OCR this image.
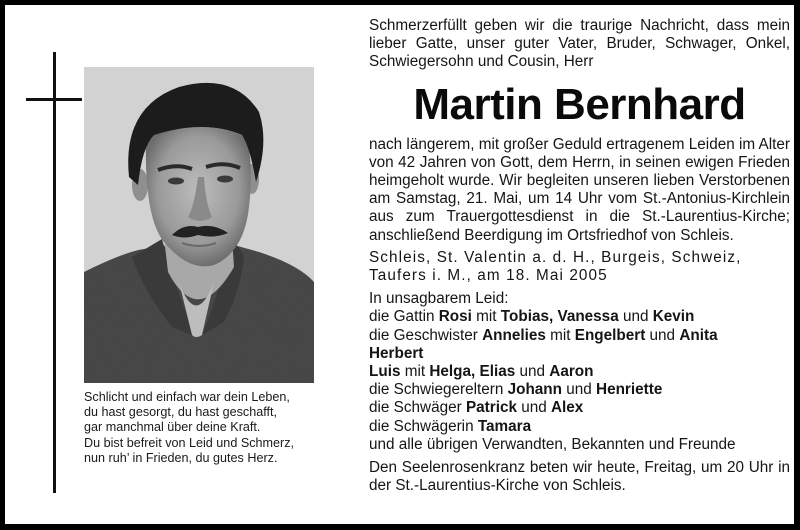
Schlicht und einfach war dein Leben,
du hast gesorgt, du hast geschafft,
gar manchmal über deine Kraft.
Du bist befreit von Leid und Schmerz,
nun ruh’ in Frieden, du gutes Herz.
Schmerzerfüllt geben wir die traurige Nachricht, dass mein lieber Gatte, unser guter Vater, Bruder, Schwager, Onkel, Schwiegersohn und Cousin, Herr
Martin Bernhard
nach längerem, mit großer Geduld ertragenem Leiden im Alter von 42 Jahren von Gott, dem Herrn, in seinen ewigen Frieden heimgeholt wurde. Wir begleiten unseren lieben Verstorbenen am Samstag, 21. Mai, um 14 Uhr vom St.-Antonius-Kirchlein aus zum Trauergottesdienst in die St.-Laurentius-Kirche; anschließend Beerdigung im Ortsfriedhof von Schleis.
Schleis, St. Valentin a. d. H., Burgeis, Schweiz, Taufers i. M., am 18. Mai 2005
In unsagbarem Leid:
die Gattin Rosi mit Tobias, Vanessa und Kevin
die Geschwister Annelies mit Engelbert und Anita
Herbert
Luis mit Helga, Elias und Aaron
die Schwiegereltern Johann und Henriette
die Schwäger Patrick und Alex
die Schwägerin Tamara
und alle übrigen Verwandten, Bekannten und Freunde
Den Seelenrosenkranz beten wir heute, Freitag, um 20 Uhr in der St.-Laurentius-Kirche von Schleis.
